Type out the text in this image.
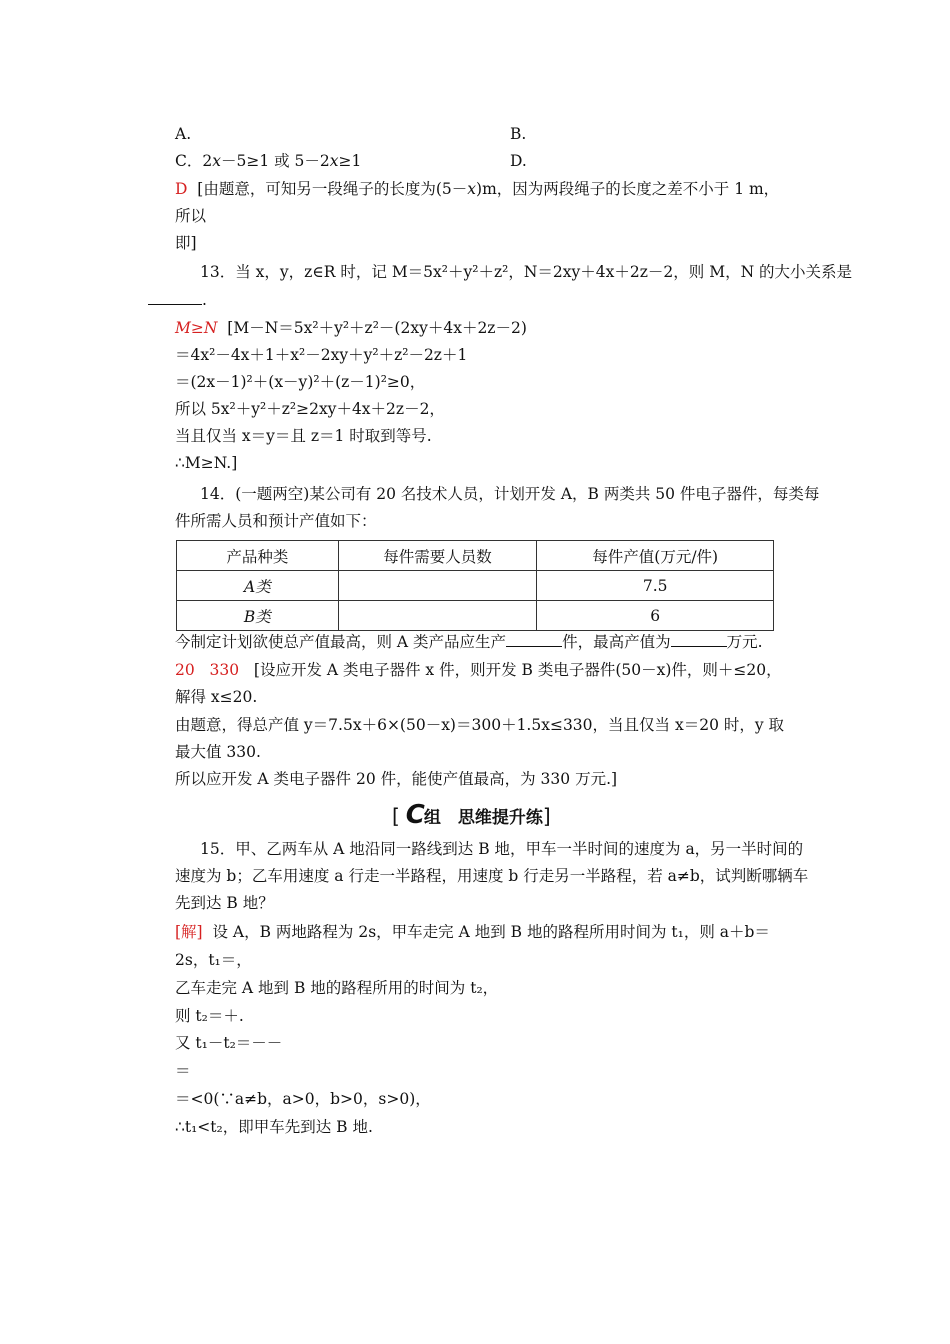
A.	B.
C．2x－5≥1 或 5－2x≥1	D.
D [由题意，可知另一段绳子的长度为(5－x)m，因为两段绳子的长度之差不小于 1 m，
所以
即]
13．当 x，y，z∈R 时，记 M＝5x²＋y²＋z²，N＝2xy＋4x＋2z－2，则 M，N 的大小关系是
.
M≥N [M－N＝5x²＋y²＋z²－(2xy＋4x＋2z－2)
＝4x²－4x＋1＋x²－2xy＋y²＋z²－2z＋1
＝(2x－1)²＋(x－y)²＋(z－1)²≥0，
所以 5x²＋y²＋z²≥2xy＋4x＋2z－2，
当且仅当 x＝y＝且 z＝1 时取到等号.
∴M≥N.]
14．(一题两空)某公司有 20 名技术人员，计划开发 A，B 两类共 50 件电子器件，每类每
件所需人员和预计产值如下：
产品种类	每件需要人员数	每件产值(万元/件)
A类		7.5
B类		6
今制定计划欲使总产值最高，则 A 类产品应生产	件，最高产值为	万元.
20 330 [设应开发 A 类电子器件 x 件，则开发 B 类电子器件(50－x)件，则＋≤20，
解得 x≤20.
由题意，得总产值 y＝7.5x＋6×(50－x)＝300＋1.5x≤330，当且仅当 x＝20 时，y 取
最大值 330.
所以应开发 A 类电子器件 20 件，能使产值最高，为 330 万元.]
[ C组　思维提升练]
15．甲、乙两车从 A 地沿同一路线到达 B 地，甲车一半时间的速度为 a，另一半时间的
速度为 b；乙车用速度 a 行走一半路程，用速度 b 行走另一半路程，若 a≠b，试判断哪辆车
先到达 B 地？
[解] 设 A，B 两地路程为 2s，甲车走完 A 地到 B 地的路程所用时间为 t₁，则 a＋b＝
2s，t₁＝，
乙车走完 A 地到 B 地的路程所用的时间为 t₂，
则 t₂＝＋.
又 t₁－t₂＝－－
＝
＝<0(∵a≠b，a>0，b>0，s>0)，
∴t₁<t₂，即甲车先到达 B 地.
